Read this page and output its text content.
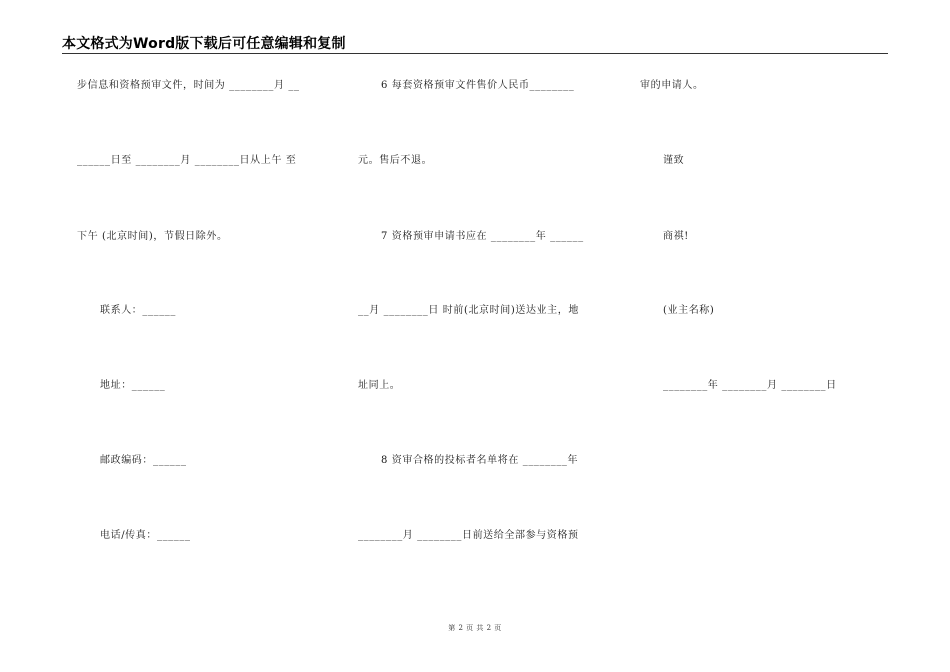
本文格式为Word版下载后可任意编辑和复制
步信息和资格预审文件，时间为 ________月 __
______日至 ________月 ________日从上午 至
下午 (北京时间)，节假日除外。
联系人：______
地址：______
邮政编码：______
电话/传真：______
6 每套资格预审文件售价人民币________
元。售后不退。
7 资格预审申请书应在 ________年 ______
__月 ________日 时前(北京时间)送达业主，地
址同上。
8 资审合格的投标者名单将在 ________年
________月 ________日前送给全部参与资格预
审的申请人。
谨致
商祺!
(业主名称)
________年 ________月 ________日
第 2 页 共 2 页
